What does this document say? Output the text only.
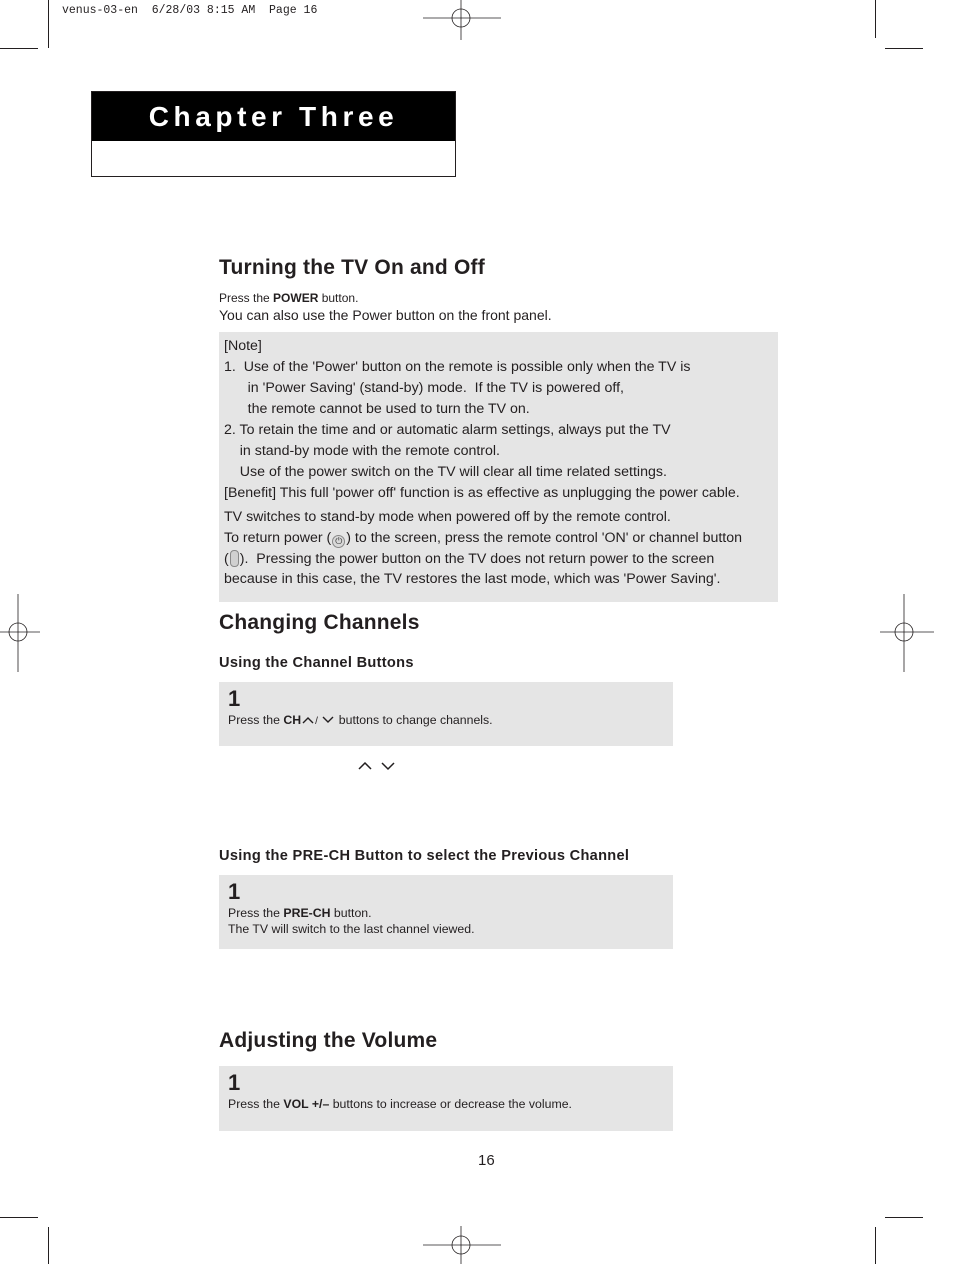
venus-03-en  6/28/03 8:15 AM  Page 16
Chapter Three
Turning the TV On and Off
Press the POWER button.
You can also use the Power button on the front panel.
[Note]
1.  Use of the 'Power' button on the remote is possible only when the TV is
in 'Power Saving' (stand-by) mode.  If the TV is powered off,
the remote cannot be used to turn the TV on.
2. To retain the time and or automatic alarm settings, always put the TV
in stand-by mode with the remote control.
Use of the power switch on the TV will clear all time related settings.
[Benefit] This full 'power off' function is as effective as unplugging the power cable.
TV switches to stand-by mode when powered off by the remote control.
To return power ( ⏻ ) to the screen, press the remote control 'ON' or channel button
( ).  Pressing the power button on the TV does not return power to the screen
because in this case, the TV restores the last mode, which was 'Power Saving'.
Changing Channels
Using the Channel Buttons
1
Press the CH /  buttons to change channels.
Using the PRE-CH Button to select the Previous Channel
1
Press the PRE-CH button.
The TV will switch to the last channel viewed.
Adjusting the Volume
1
Press the VOL +/– buttons to increase or decrease the volume.
16
